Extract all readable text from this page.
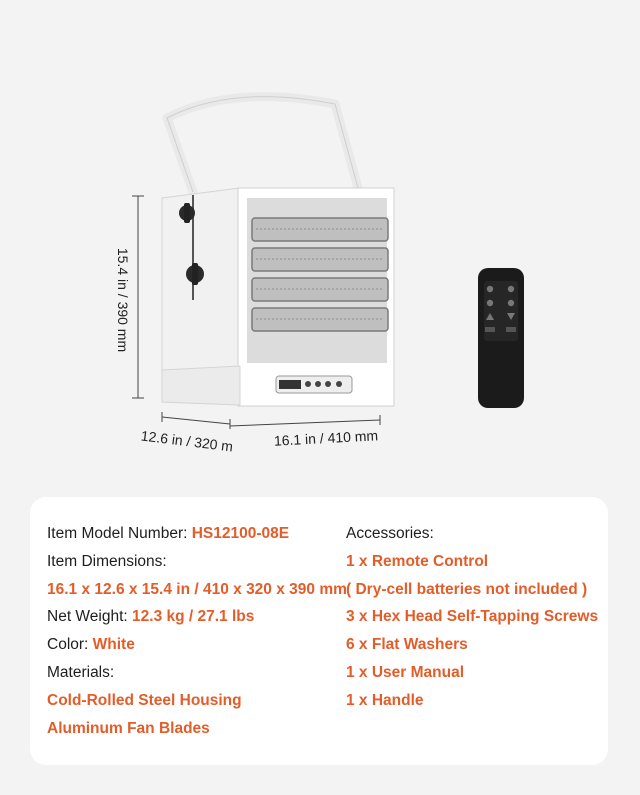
15.4 in / 390 mm
12.6 in / 320 m	16.1 in / 410 mm
Item Model Number: HS12100-08E
Item Dimensions:
16.1 x 12.6 x 15.4 in / 410 x 320 x 390 mm
Net Weight: 12.3 kg / 27.1 lbs
Color: White
Materials:
Cold-Rolled Steel Housing
Aluminum Fan Blades
Accessories:
1 x Remote Control
( Dry-cell batteries not included )
3 x Hex Head Self-Tapping Screws
6 x Flat Washers
1 x User Manual
1 x Handle
